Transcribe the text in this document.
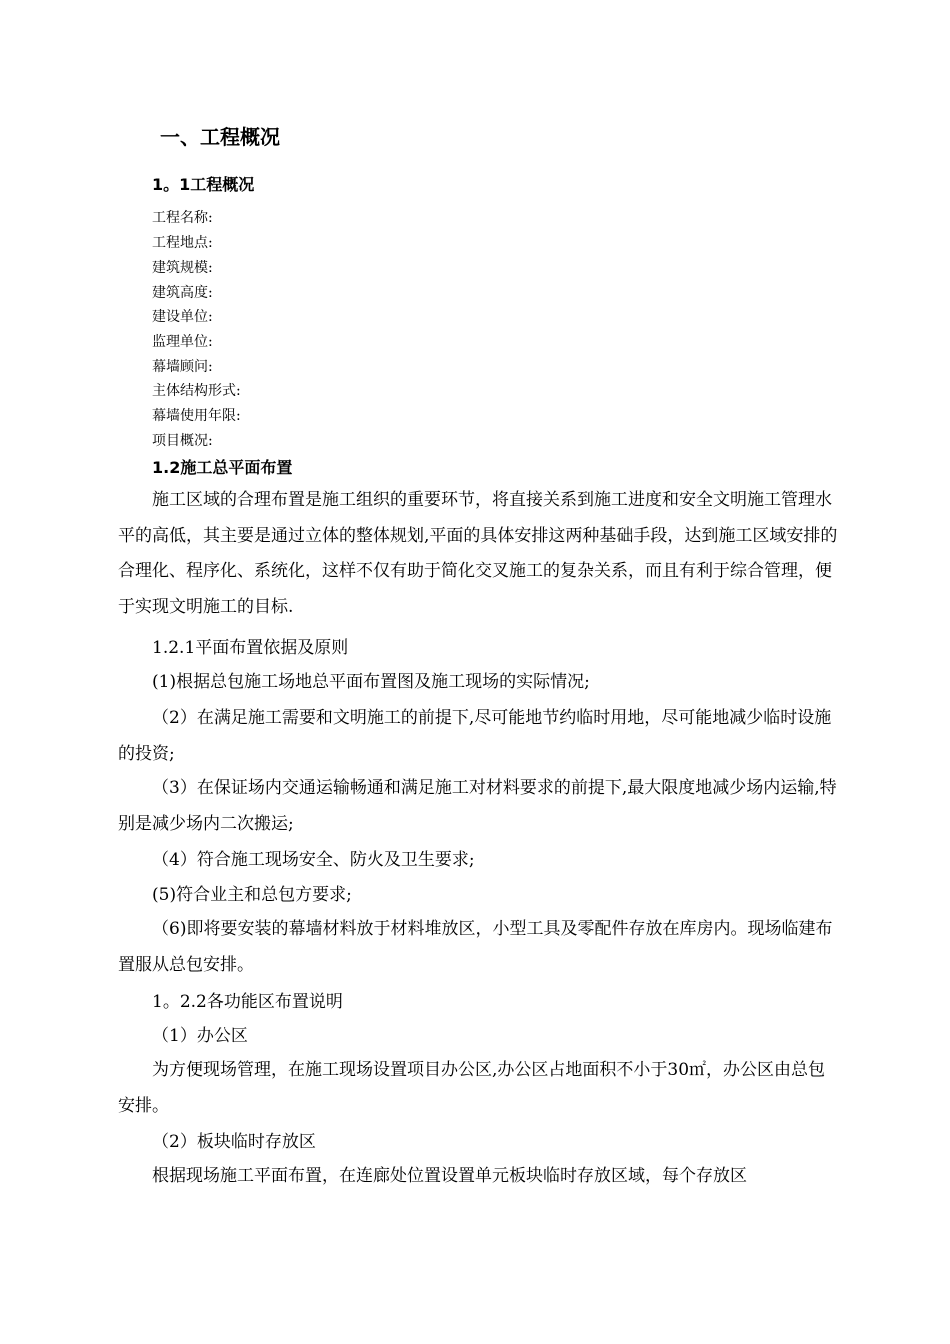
一、工程概况
1。1工程概况
工程名称:
工程地点:
建筑规模:
建筑高度:
建设单位:
监理单位:
幕墙顾问:
主体结构形式:
幕墙使用年限:
项目概况:
1.2施工总平面布置
施工区域的合理布置是施工组织的重要环节，将直接关系到施工进度和安全文明施工管理水平的高低，其主要是通过立体的整体规划,平面的具体安排这两种基础手段，达到施工区域安排的合理化、程序化、系统化，这样不仅有助于简化交叉施工的复杂关系，而且有利于综合管理，便于实现文明施工的目标.
1.2.1平面布置依据及原则
(1)根据总包施工场地总平面布置图及施工现场的实际情况;
（2）在满足施工需要和文明施工的前提下,尽可能地节约临时用地，尽可能地减少临时设施的投资;
（3）在保证场内交通运输畅通和满足施工对材料要求的前提下,最大限度地减少场内运输,特别是减少场内二次搬运;
（4）符合施工现场安全、防火及卫生要求;
(5)符合业主和总包方要求;
（6)即将要安装的幕墙材料放于材料堆放区，小型工具及零配件存放在库房内。现场临建布置服从总包安排。
1。2.2各功能区布置说明
（1）办公区
为方便现场管理，在施工现场设置项目办公区,办公区占地面积不小于30㎡，办公区由总包安排。
（2）板块临时存放区
根据现场施工平面布置，在连廊处位置设置单元板块临时存放区域，每个存放区
